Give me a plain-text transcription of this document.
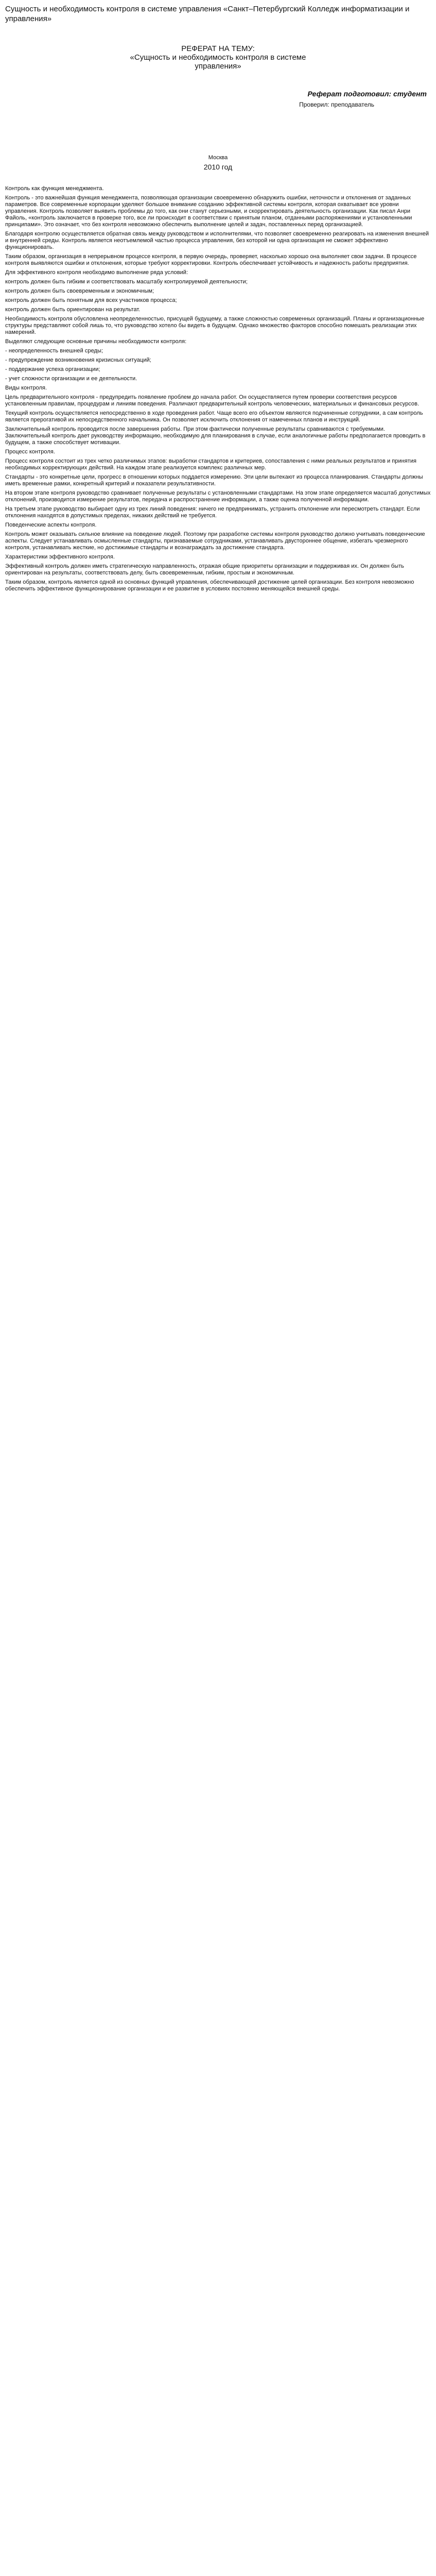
Сущность и необходимость контроля в системе управления «Санкт–Петербургский Колледж информатизации и управления»
РЕФЕРАТ НА ТЕМУ:
«Сущность и необходимость контроля в системе
управления»
Реферат подготовил: студент
Проверил: преподаватель
Москва
2010 год

Контроль как функция менеджмента.

Контроль - это важнейшая функция менеджмента, позволяющая организации своевременно обнаружить ошибки, неточности и отклонения от заданных параметров. Все современные корпорации уделяют большое внимание созданию эффективной системы контроля, которая охватывает все уровни управления. Контроль позволяет выявить проблемы до того, как они станут серьезными, и скорректировать деятельность организации. Как писал Анри Файоль, «контроль заключается в проверке того, все ли происходит в соответствии с принятым планом, отданными распоряжениями и установленными принципами». Это означает, что без контроля невозможно обеспечить выполнение целей и задач, поставленных перед организацией.

Благодаря контролю осуществляется обратная связь между руководством и исполнителями, что позволяет своевременно реагировать на изменения внешней и внутренней среды. Контроль является неотъемлемой частью процесса управления, без которой ни одна организация не сможет эффективно функционировать.

Таким образом, организация в непрерывном процессе контроля, в первую очередь, проверяет, насколько хорошо она выполняет свои задачи. В процессе контроля выявляются ошибки и отклонения, которые требуют корректировки. Контроль обеспечивает устойчивость и надежность работы предприятия.

Для эффективного контроля необходимо выполнение ряда условий:

контроль должен быть гибким и соответствовать масштабу контролируемой деятельности;

контроль должен быть своевременным и экономичным;

контроль должен быть понятным для всех участников процесса;

контроль должен быть ориентирован на результат.

Необходимость контроля обусловлена неопределенностью, присущей будущему, а также сложностью современных организаций. Планы и организационные структуры представляют собой лишь то, что руководство хотело бы видеть в будущем. Однако множество факторов способно помешать реализации этих намерений.

Выделяют следующие основные причины необходимости контроля:

- неопределенность внешней среды;

- предупреждение возникновения кризисных ситуаций;

- поддержание успеха организации;

- учет сложности организации и ее деятельности.

Виды контроля.

Цель предварительного контроля - предупредить появление проблем до начала работ. Он осуществляется путем проверки соответствия ресурсов установленным правилам, процедурам и линиям поведения. Различают предварительный контроль человеческих, материальных и финансовых ресурсов.

Текущий контроль осуществляется непосредственно в ходе проведения работ. Чаще всего его объектом являются подчиненные сотрудники, а сам контроль является прерогативой их непосредственного начальника. Он позволяет исключить отклонения от намеченных планов и инструкций.

Заключительный контроль проводится после завершения работы. При этом фактически полученные результаты сравниваются с требуемыми. Заключительный контроль дает руководству информацию, необходимую для планирования в случае, если аналогичные работы предполагается проводить в будущем, а также способствует мотивации.

Процесс контроля.

Процесс контроля состоит из трех четко различимых этапов: выработки стандартов и критериев, сопоставления с ними реальных результатов и принятия необходимых корректирующих действий. На каждом этапе реализуется комплекс различных мер.

Стандарты - это конкретные цели, прогресс в отношении которых поддается измерению. Эти цели вытекают из процесса планирования. Стандарты должны иметь временные рамки, конкретный критерий и показатели результативности.

На втором этапе контроля руководство сравнивает полученные результаты с установленными стандартами. На этом этапе определяется масштаб допустимых отклонений, производится измерение результатов, передача и распространение информации, а также оценка полученной информации.

На третьем этапе руководство выбирает одну из трех линий поведения: ничего не предпринимать, устранить отклонение или пересмотреть стандарт. Если отклонения находятся в допустимых пределах, никаких действий не требуется.

Поведенческие аспекты контроля.

Контроль может оказывать сильное влияние на поведение людей. Поэтому при разработке системы контроля руководство должно учитывать поведенческие аспекты. Следует устанавливать осмысленные стандарты, признаваемые сотрудниками, устанавливать двустороннее общение, избегать чрезмерного контроля, устанавливать жесткие, но достижимые стандарты и вознаграждать за достижение стандарта.

Характеристики эффективного контроля.

Эффективный контроль должен иметь стратегическую направленность, отражая общие приоритеты организации и поддерживая их. Он должен быть ориентирован на результаты, соответствовать делу, быть своевременным, гибким, простым и экономичным.

Таким образом, контроль является одной из основных функций управления, обеспечивающей достижение целей организации. Без контроля невозможно обеспечить эффективное функционирование организации и ее развитие в условиях постоянно меняющейся внешней среды.
